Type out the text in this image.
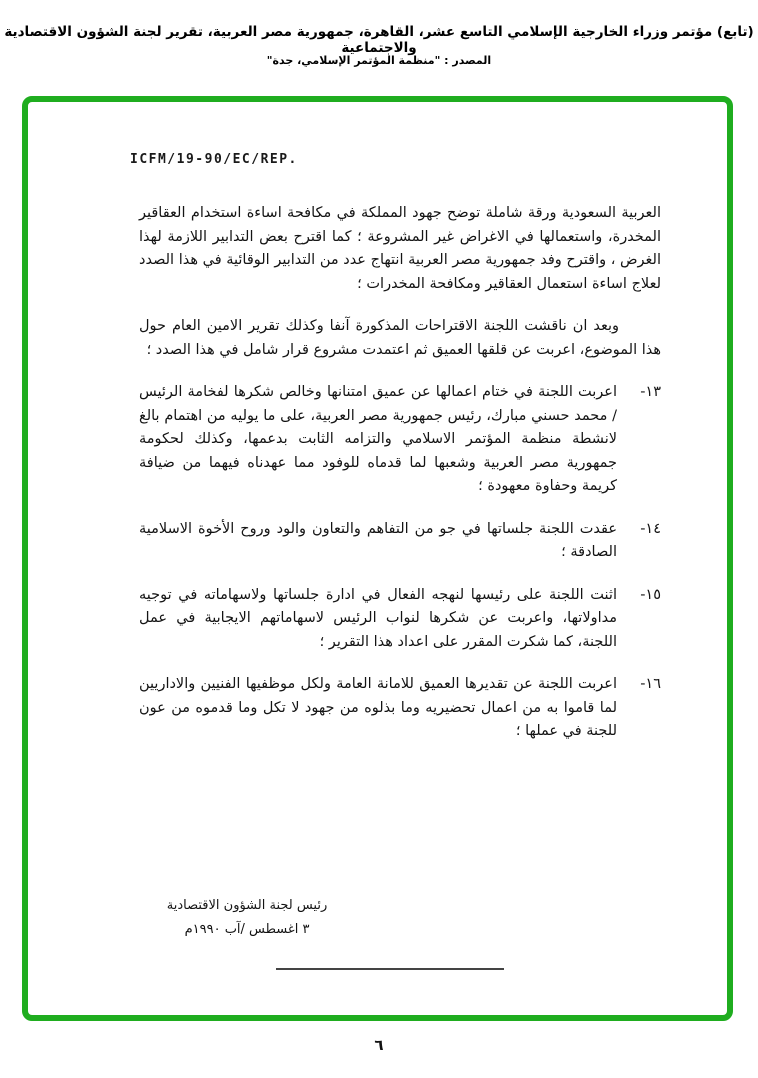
(تابع) مؤتمر وزراء الخارجية الإسلامي التاسع عشر، القاهرة، جمهورية مصر العربية، تقرير لجنة الشؤون الاقتصادية والاجتماعية
المصدر : "منظمة المؤتمر الإسلامي، جدة"
ICFM/19-90/EC/REP.
العربية السعودية ورقة شاملة توضح جهود المملكة في مكافحة اساءة استخدام العقاقير المخدرة، واستعمالها في الاغراض غير المشروعة ؛ كما اقترح بعض التدابير اللازمة لهذا الغرض ، واقترح وفد جمهورية مصر العربية انتهاج عدد من التدابير الوقائية في هذا الصدد لعلاج اساءة استعمال العقاقير ومكافحة المخدرات ؛
وبعد ان ناقشت اللجنة الاقتراحات المذكورة آنفا وكذلك تقرير الامين العام حول هذا الموضوع، اعربت عن قلقها العميق ثم اعتمدت مشروع قرار شامل في هذا الصدد ؛
١٣-
اعربت اللجنة في ختام اعمالها عن عميق امتنانها وخالص شكرها لفخامة الرئيس / محمد حسني مبارك، رئيس جمهورية مصر العربية، على ما يوليه من اهتمام بالغ لانشطة منظمة المؤتمر الاسلامي والتزامه الثابت بدعمها، وكذلك لحكومة جمهورية مصر العربية وشعبها لما قدماه للوفود مما عهدناه فيهما من ضيافة كريمة وحفاوة معهودة ؛
١٤-
عقدت اللجنة جلساتها في جو من التفاهم والتعاون والود وروح الأخوة الاسلامية الصادقة ؛
١٥-
اثنت اللجنة على رئيسها لنهجه الفعال في ادارة جلساتها ولاسهاماته في توجيه مداولاتها، واعربت عن شكرها لنواب الرئيس لاسهاماتهم الايجابية في عمل اللجنة، كما شكرت المقرر على اعداد هذا التقرير ؛
١٦-
اعربت اللجنة عن تقديرها العميق للامانة العامة ولكل موظفيها الفنيين والاداريين لما قاموا به من اعمال تحضيريه وما بذلوه من جهود لا تكل وما قدموه من عون للجنة في عملها ؛
رئيس لجنة الشؤون الاقتصادية
٣ اغسطس /آب ١٩٩٠م
٦
